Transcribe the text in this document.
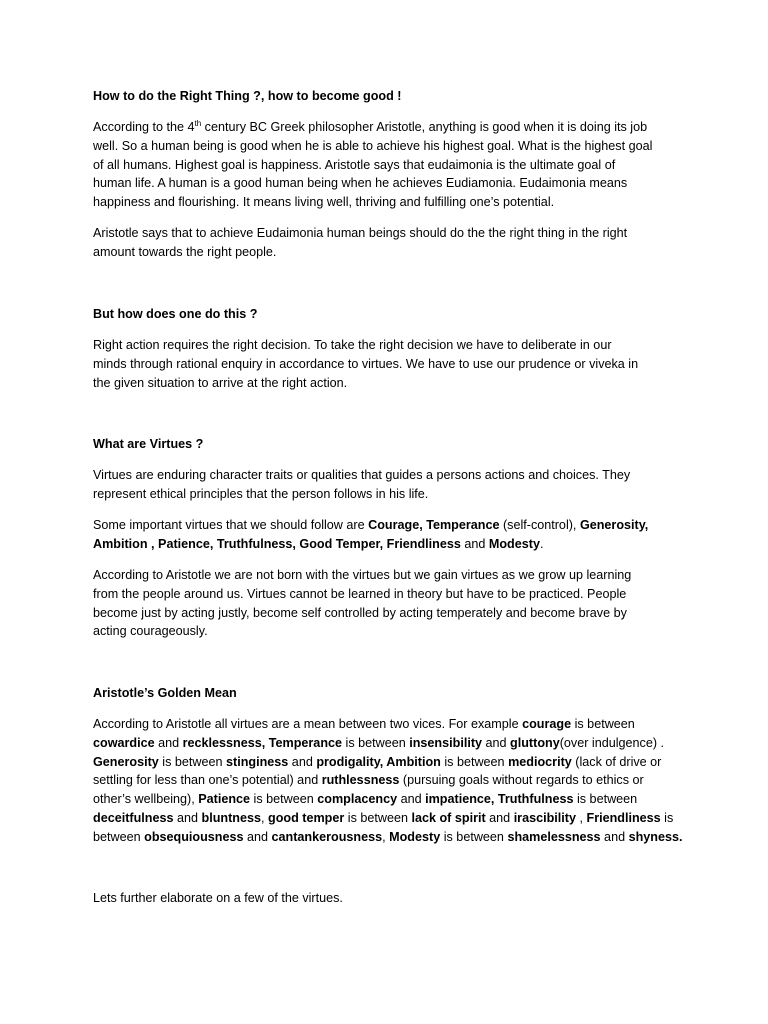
How to do the Right Thing ?, how to become good !
According to the 4th century BC Greek philosopher Aristotle, anything is good when it is doing its job
well. So a human being is good when he is able to achieve his highest goal. What is the highest goal
of all humans. Highest goal is happiness. Aristotle says that eudaimonia is the ultimate goal of
human life. A human is a good human being when he achieves Eudiamonia. Eudaimonia means
happiness and flourishing. It means living well, thriving and fulfilling one’s potential.
Aristotle says that to achieve Eudaimonia human beings should do the the right thing in the right
amount towards the right people.
But how does one do this ?
Right action requires the right decision. To take the right decision we have to deliberate in our
minds through rational enquiry in accordance to virtues. We have to use our prudence or viveka in
the given situation to arrive at the right action.
What are Virtues ?
Virtues are enduring character traits or qualities that guides a persons actions and choices. They
represent ethical principles that the person follows in his life.
Some important virtues that we should follow are Courage, Temperance (self-control), Generosity,
Ambition , Patience, Truthfulness, Good Temper, Friendliness and Modesty.
According to Aristotle we are not born with the virtues but we gain virtues as we grow up learning
from the people around us. Virtues cannot be learned in theory but have to be practiced. People
become just by acting justly, become self controlled by acting temperately and become brave by
acting courageously.
Aristotle’s Golden Mean
According to Aristotle all virtues are a mean between two vices. For example courage is between
cowardice and recklessness, Temperance is between insensibility and gluttony(over indulgence) .
Generosity is between stinginess and prodigality, Ambition is between mediocrity (lack of drive or
settling for less than one’s potential) and ruthlessness (pursuing goals without regards to ethics or
other’s wellbeing), Patience is between complacency and impatience, Truthfulness is between
deceitfulness and bluntness, good temper is between lack of spirit and irascibility , Friendliness is
between obsequiousness and cantankerousness, Modesty is between shamelessness and shyness.
Lets further elaborate on a few of the virtues.
